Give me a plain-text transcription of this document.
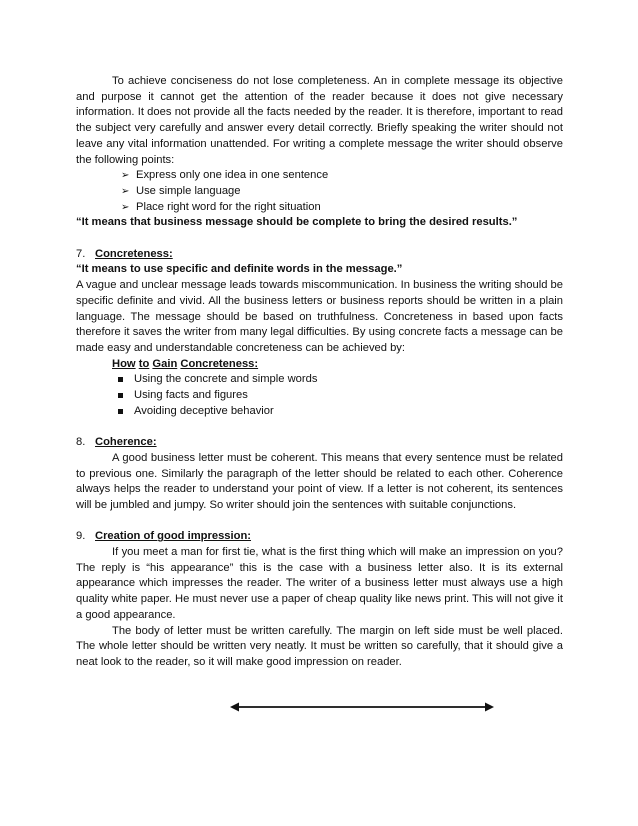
To achieve conciseness do not lose completeness. An in complete message its objective and purpose it cannot get the attention of the reader because it does not give necessary information. It does not provide all the facts needed by the reader. It is therefore, important to read the subject very carefully and answer every detail correctly. Briefly speaking the writer should not leave any vital information unattended. For writing a complete message the writer should observe the following points:

➢ Express only one idea in one sentence
➢ Use simple language
➢ Place right word for the right situation

“It means that business message should be complete to bring the desired results.”

7. Concreteness:

“It means to use specific and definite words in the message.”

A vague and unclear message leads towards miscommunication. In business the writing should be specific definite and vivid. All the business letters or business reports should be written in a plain language. The message should be based on truthfulness. Concreteness in based upon facts therefore it saves the writer from many legal difficulties. By using concrete facts a message can be made easy and understandable concreteness can be achieved by:

How to Gain Concreteness:
Using the concrete and simple words
Using facts and figures
Avoiding deceptive behavior
8. Coherence:

A good business letter must be coherent. This means that every sentence must be related to previous one. Similarly the paragraph of the letter should be related to each other. Coherence always helps the reader to understand your point of view. If a letter is not coherent, its sentences will be jumbled and jumpy. So writer should join the sentences with suitable conjunctions.

9. Creation of good impression:

If you meet a man for first tie, what is the first thing which will make an impression on you? The reply is “his appearance” this is the case with a business letter also. It is its external appearance which impresses the reader. The writer of a business letter must always use a high quality white paper. He must never use a paper of cheap quality like news print. This will not give it a good appearance.

The body of letter must be written carefully. The margin on left side must be well placed. The whole letter should be written very neatly. It must be written so carefully, that it should give a neat look to the reader, so it will make good impression on reader.
